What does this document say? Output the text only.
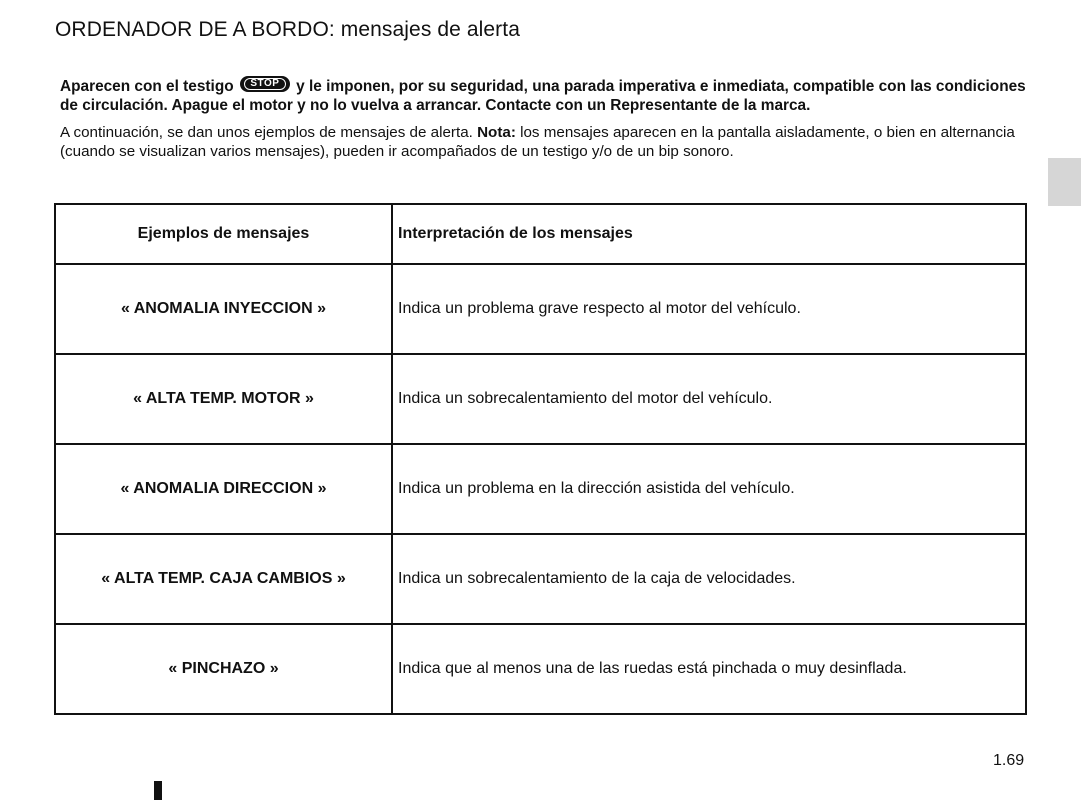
ORDENADOR DE A BORDO: mensajes de alerta
Aparecen con el testigo	STOP y le imponen, por su seguridad, una parada imperativa e inmediata, compatible con las condiciones de circulación. Apague el motor y no lo vuelva a arrancar. Contacte con un Representante de la marca.
A continuación, se dan unos ejemplos de mensajes de alerta. Nota: los mensajes aparecen en la pantalla aisladamente, o bien en alternancia (cuando se visualizan varios mensajes), pueden ir acompañados de un testigo y/o de un bip sonoro.
Ejemplos de mensajes	Interpretación de los mensajes
« ANOMALIA INYECCION »	Indica un problema grave respecto al motor del vehículo.
« ALTA TEMP. MOTOR »	Indica un sobrecalentamiento del motor del vehículo.
« ANOMALIA DIRECCION »	Indica un problema en la dirección asistida del vehículo.
« ALTA TEMP. CAJA CAMBIOS »	Indica un sobrecalentamiento de la caja de velocidades.
« PINCHAZO »	Indica que al menos una de las ruedas está pinchada o muy desinflada.
1.69
